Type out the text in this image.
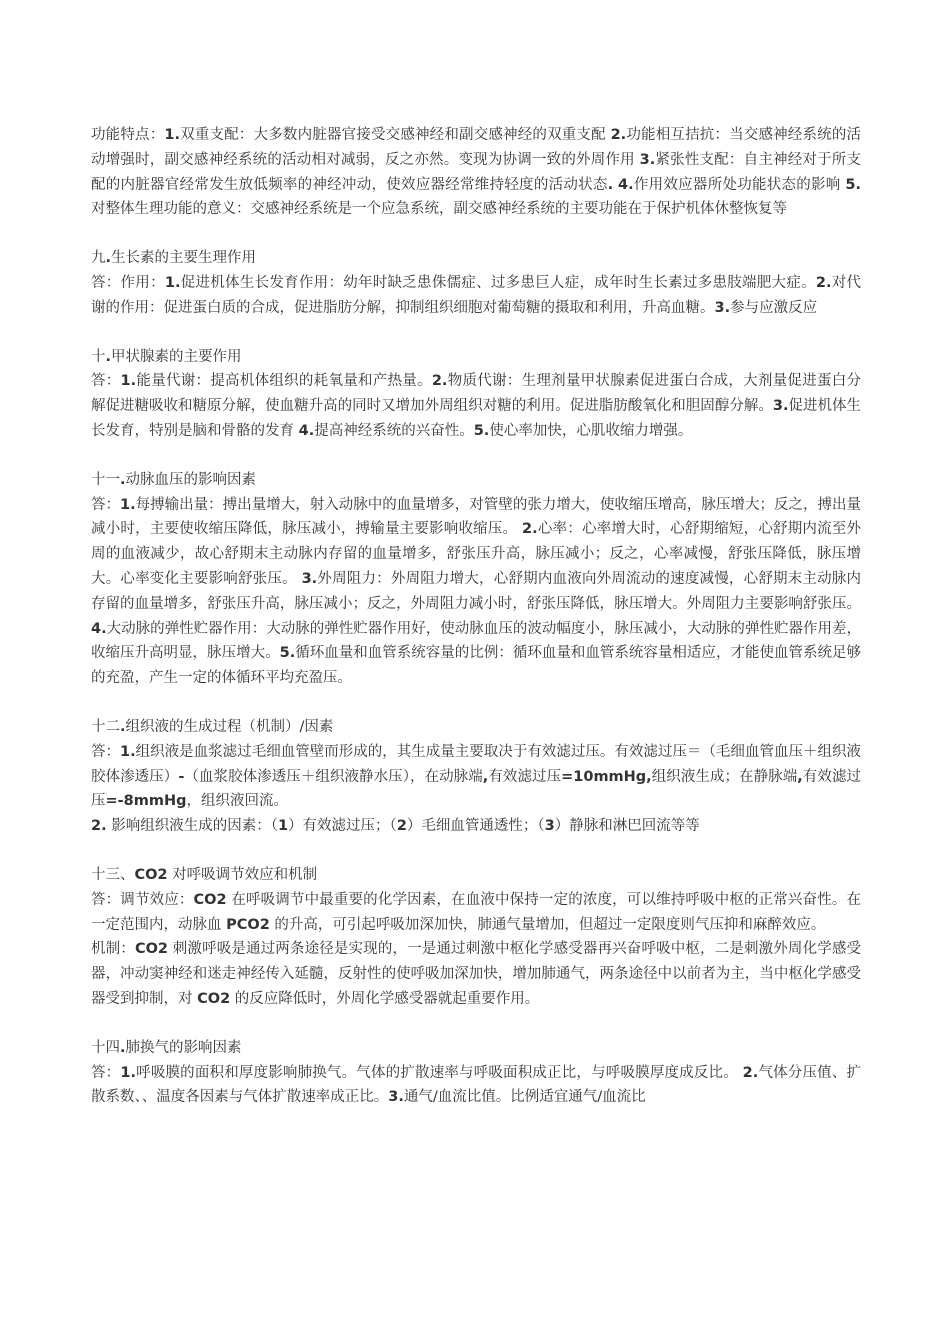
功能特点：1.双重支配：大多数内脏器官接受交感神经和副交感神经的双重支配 2.功能相互拮抗：当交感神经系统的活动增强时，副交感神经系统的活动相对减弱，反之亦然。变现为协调一致的外周作用 3.紧张性支配：自主神经对于所支配的内脏器官经常发生放低频率的神经冲动，使效应器经常维持轻度的活动状态. 4.作用效应器所处功能状态的影响 5.对整体生理功能的意义：交感神经系统是一个应急系统，副交感神经系统的主要功能在于保护机体休整恢复等

九.生长素的主要生理作用

答：作用：1.促进机体生长发育作用：幼年时缺乏患侏儒症、过多患巨人症，成年时生长素过多患肢端肥大症。2.对代谢的作用：促进蛋白质的合成，促进脂肪分解，抑制组织细胞对葡萄糖的摄取和利用，升高血糖。3.参与应激反应

十.甲状腺素的主要作用

答：1.能量代谢：提高机体组织的耗氧量和产热量。2.物质代谢：生理剂量甲状腺素促进蛋白合成，大剂量促进蛋白分解促进糖吸收和糖原分解，使血糖升高的同时又增加外周组织对糖的利用。促进脂肪酸氧化和胆固醇分解。3.促进机体生长发育，特别是脑和骨骼的发育 4.提高神经系统的兴奋性。5.使心率加快，心肌收缩力增强。

十一.动脉血压的影响因素

答：1.每搏输出量：搏出量增大，射入动脉中的血量增多，对管壁的张力增大，使收缩压增高，脉压增大；反之，搏出量减小时，主要使收缩压降低，脉压减小，搏输量主要影响收缩压。 2.心率：心率增大时，心舒期缩短，心舒期内流至外周的血液减少，故心舒期末主动脉内存留的血量增多，舒张压升高，脉压减小；反之，心率减慢，舒张压降低，脉压增大。心率变化主要影响舒张压。 3.外周阻力：外周阻力增大，心舒期内血液向外周流动的速度减慢，心舒期末主动脉内存留的血量增多，舒张压升高，脉压减小；反之，外周阻力减小时，舒张压降低，脉压增大。外周阻力主要影响舒张压。 4.大动脉的弹性贮器作用：大动脉的弹性贮器作用好，使动脉血压的波动幅度小，脉压减小，大动脉的弹性贮器作用差，收缩压升高明显，脉压增大。5.循环血量和血管系统容量的比例：循环血量和血管系统容量相适应，才能使血管系统足够的充盈，产生一定的体循环平均充盈压。

十二.组织液的生成过程（机制）/因素

答：1.组织液是血浆滤过毛细血管壁而形成的，其生成量主要取决于有效滤过压。有效滤过压＝（毛细血管血压＋组织液胶体渗透压）-（血浆胶体渗透压＋组织液静水压），在动脉端,有效滤过压=10mmHg,组织液生成；在静脉端,有效滤过压=-8mmHg，组织液回流。

2. 影响组织液生成的因素：（1）有效滤过压；（2）毛细血管通透性；（3）静脉和淋巴回流等等

十三、CO2 对呼吸调节效应和机制

答：调节效应：CO2 在呼吸调节中最重要的化学因素，在血液中保持一定的浓度，可以维持呼吸中枢的正常兴奋性。在一定范围内，动脉血 PCO2 的升高，可引起呼吸加深加快，肺通气量增加，但超过一定限度则气压抑和麻醉效应。

机制：CO2 刺激呼吸是通过两条途径是实现的，一是通过刺激中枢化学感受器再兴奋呼吸中枢，二是刺激外周化学感受器，冲动窦神经和迷走神经传入延髓，反射性的使呼吸加深加快，增加肺通气，两条途径中以前者为主，当中枢化学感受器受到抑制，对 CO2 的反应降低时，外周化学感受器就起重要作用。

十四.肺换气的影响因素

答：1.呼吸膜的面积和厚度影响肺换气。气体的扩散速率与呼吸面积成正比，与呼吸膜厚度成反比。 2.气体分压值、扩散系数、、温度各因素与气体扩散速率成正比。3.通气/血流比值。比例适宜通气/血流比
